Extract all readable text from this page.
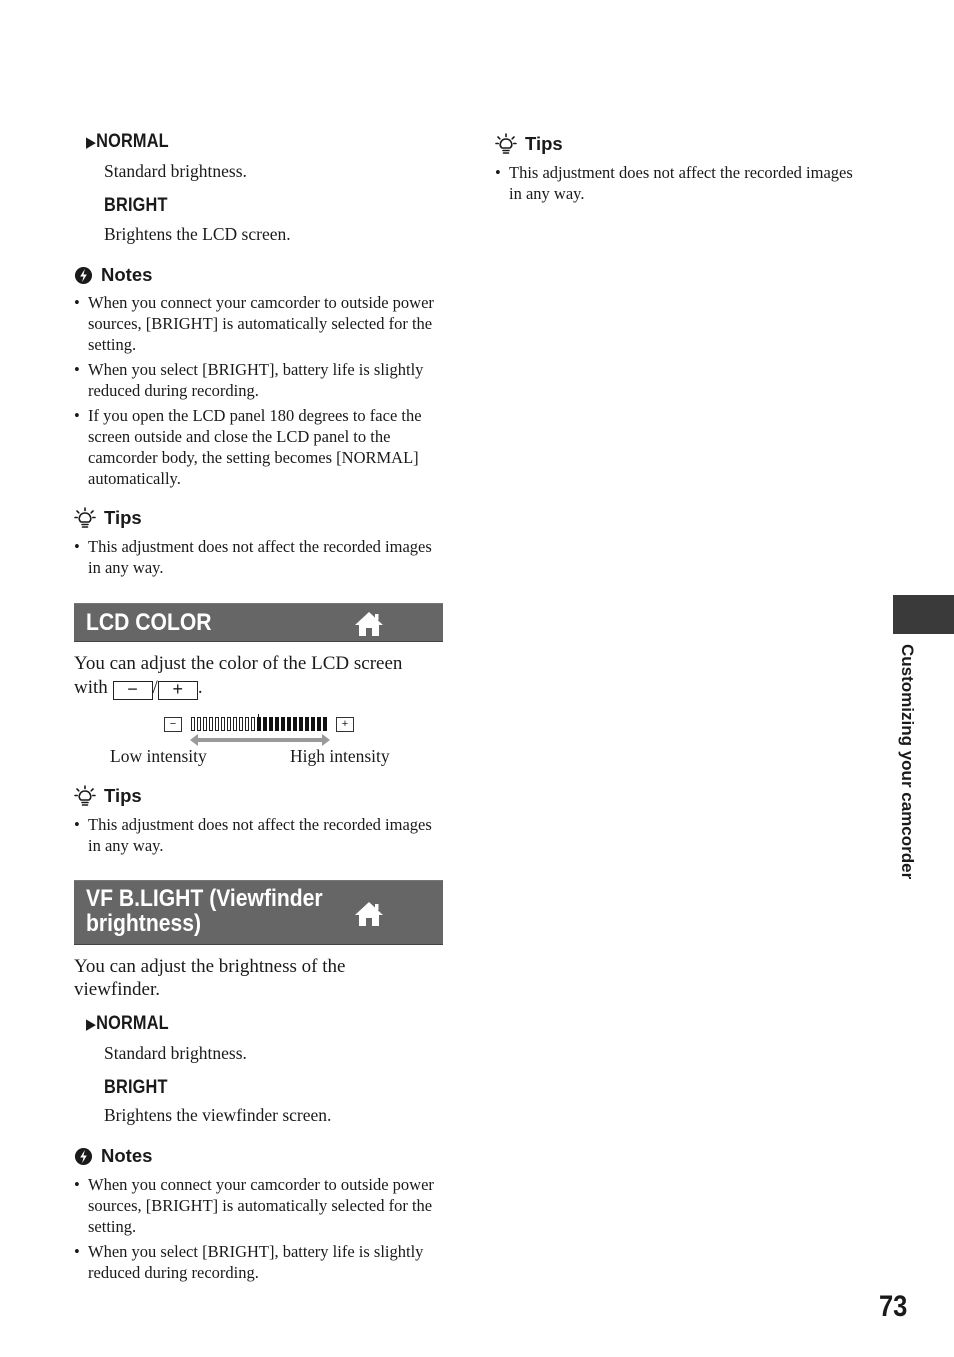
▶NORMAL
Standard brightness.
BRIGHT
Brightens the LCD screen.
Notes
• When you connect your camcorder to outside power sources, [BRIGHT] is automatically selected for the setting.
• When you select [BRIGHT], battery life is slightly reduced during recording.
• If you open the LCD panel 180 degrees to face the screen outside and close the LCD panel to the camcorder body, the setting becomes [NORMAL] automatically.
Tips
• This adjustment does not affect the recorded images in any way.
LCD COLOR
You can adjust the color of the LCD screen
with − / + .
−	+
Low intensity	High intensity
Tips
• This adjustment does not affect the recorded images in any way.
VF B.LIGHT (Viewfinder
brightness)
You can adjust the brightness of the viewfinder.
▶NORMAL
Standard brightness.
BRIGHT
Brightens the viewfinder screen.
Notes
• When you connect your camcorder to outside power sources, [BRIGHT] is automatically selected for the setting.
• When you select [BRIGHT], battery life is slightly reduced during recording.
Tips
• This adjustment does not affect the recorded images in any way.
Customizing your camcorder
73
